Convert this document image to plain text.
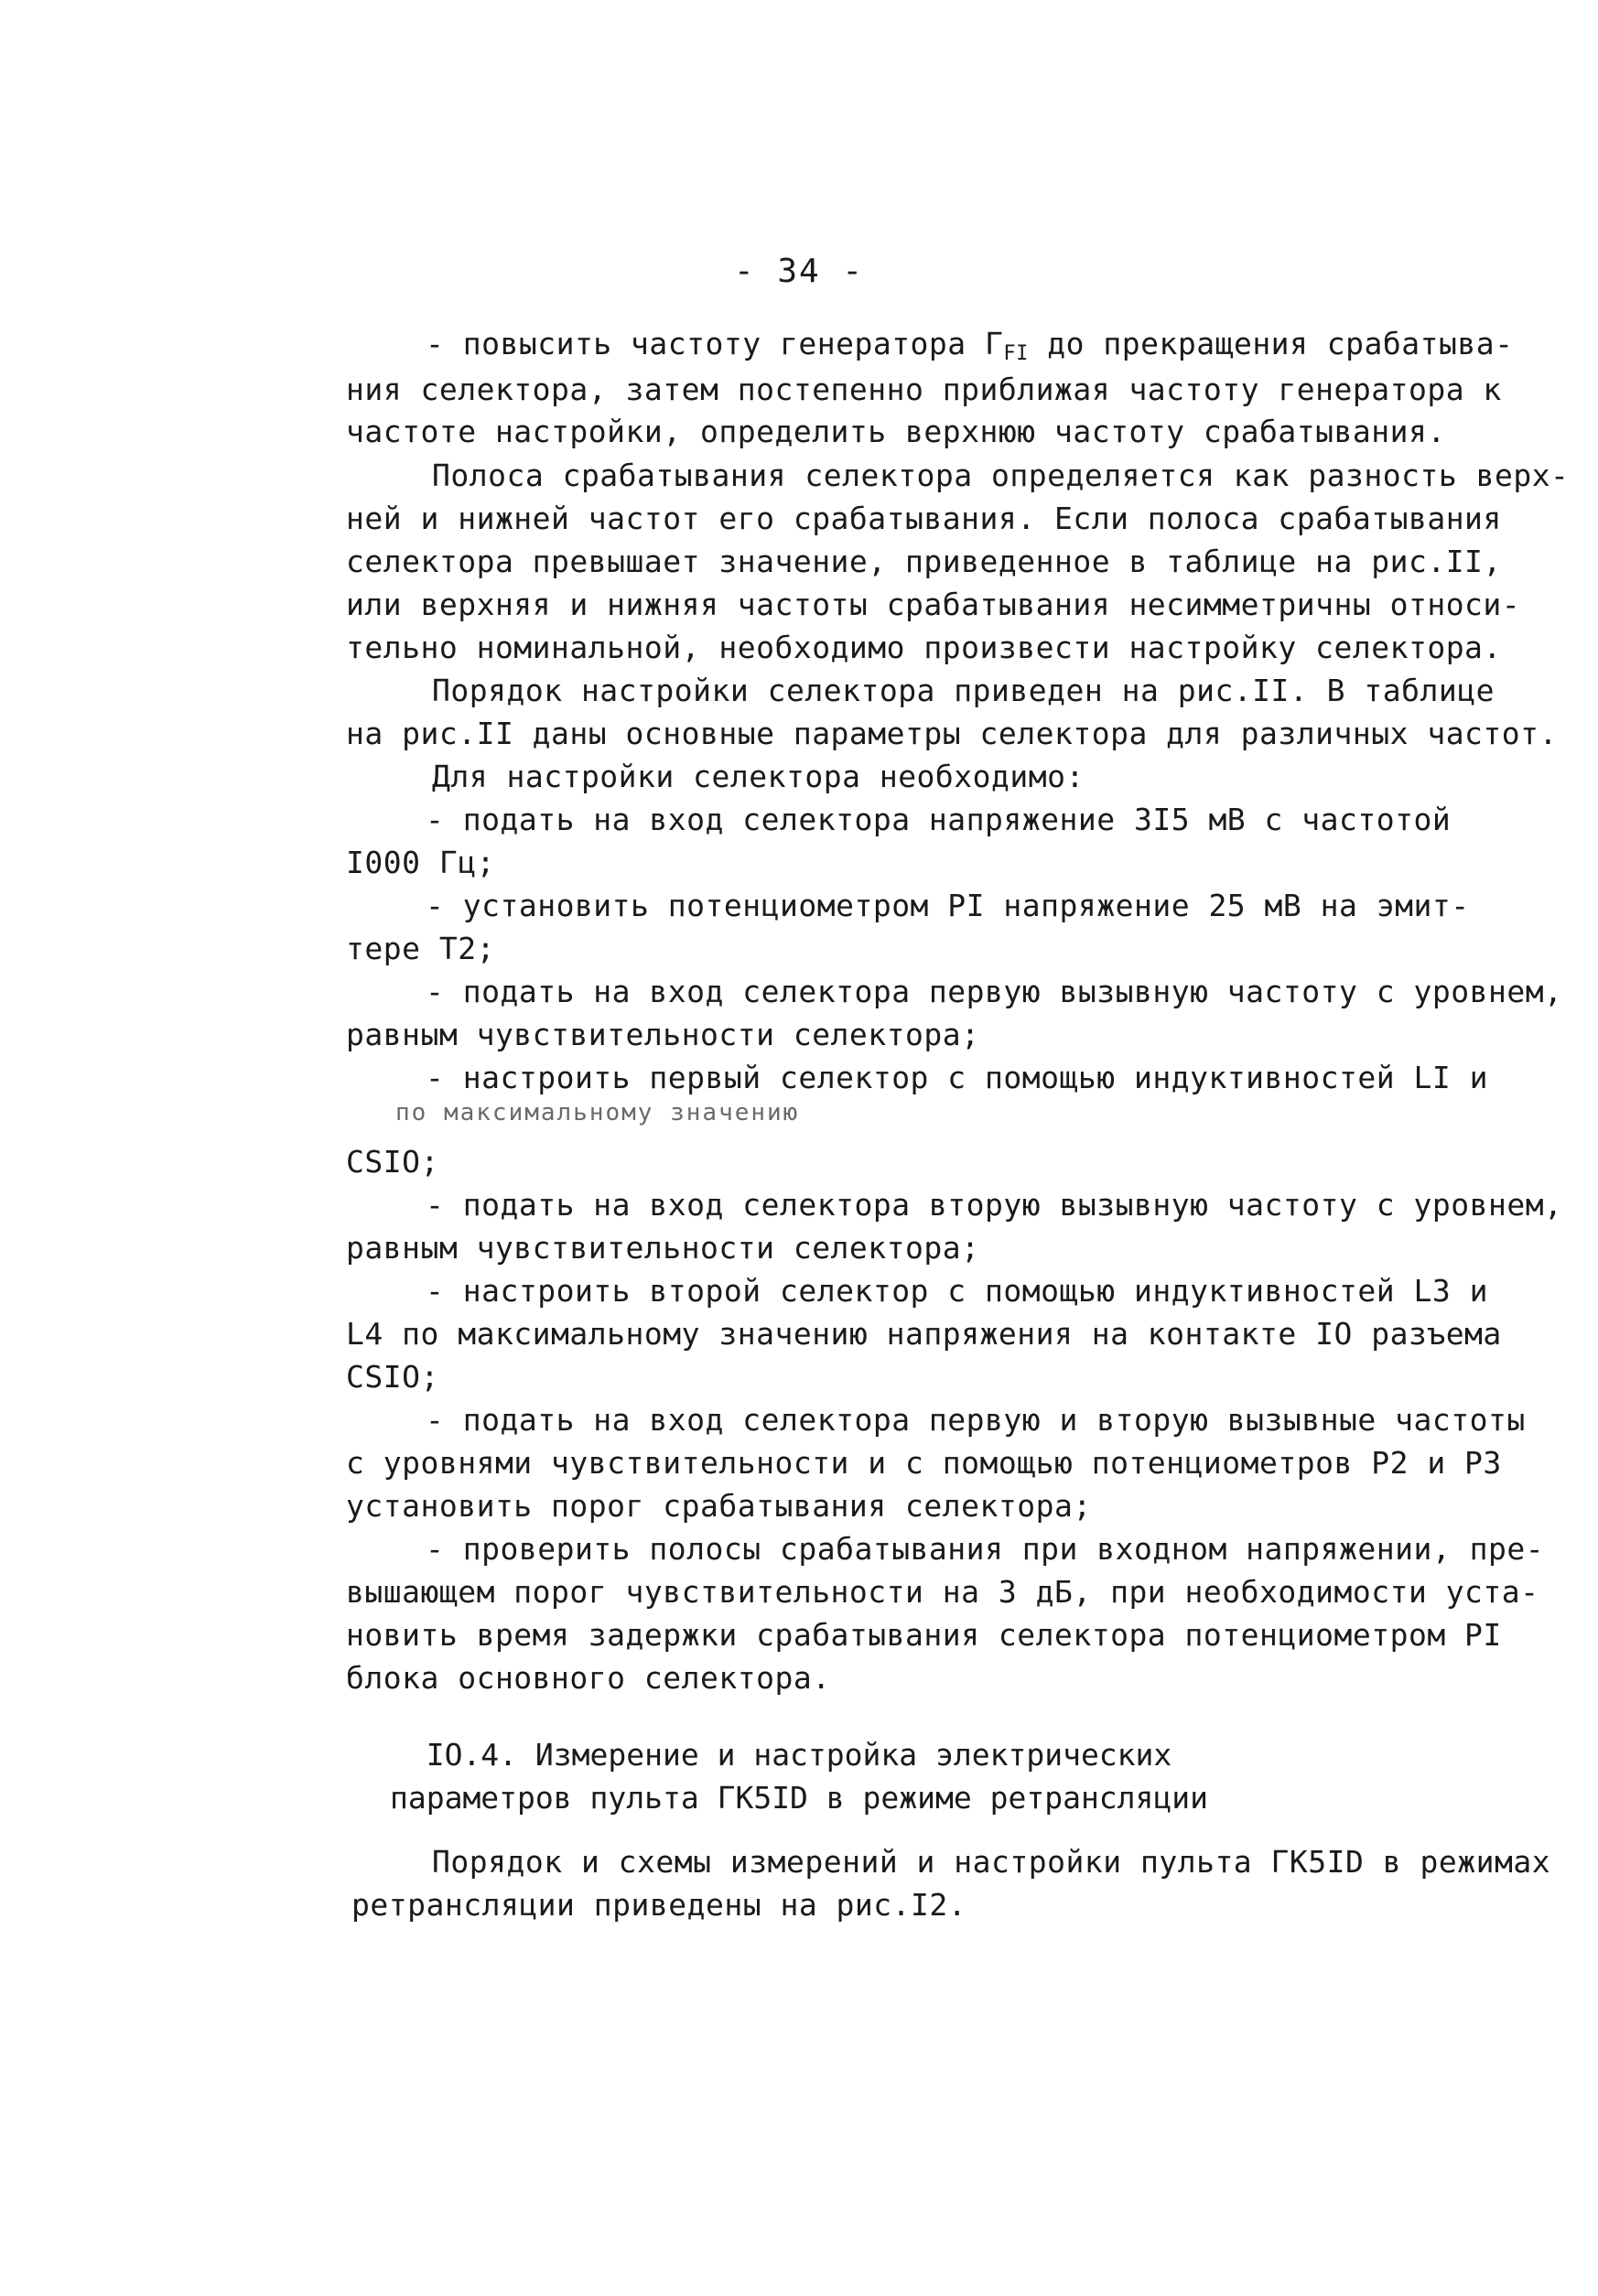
- 34 -
- повысить частоту генератора $Г_{FI}$ до прекращения срабатыва-
ния селектора, затем постепенно приближая частоту генератора к
частоте настройки, определить верхнюю частоту срабатывания.
Полоса срабатывания селектора определяется как разность верх-
ней и нижней частот его срабатывания. Если полоса срабатывания
селектора превышает значение, приведенное в таблице на рис.II,
или верхняя и нижняя частоты срабатывания несимметричны относи-
тельно номинальной, необходимо произвести настройку селектора.
Порядок настройки селектора приведен на рис.II. В таблице
на рис.II даны основные параметры селектора для различных частот.
Для настройки селектора необходимо:
- подать на вход селектора напряжение 3I5 мВ с частотой
I000 Гц;
- установить потенциометром PI напряжение 25 мВ на эмит-
тере T2;
- подать на вход селектора первую вызывную частоту с уровнем,
равным чувствительности селектора;
- настроить первый селектор с помощью индуктивностей LI и
по максимальному значению
CSIO;
- подать на вход селектора вторую вызывную частоту с уровнем,
равным чувствительности селектора;
- настроить второй селектор с помощью индуктивностей L3 и
L4 по максимальному значению напряжения на контакте IO разъема
CSIO;
- подать на вход селектора первую и вторую вызывные частоты
с уровнями чувствительности и с помощью потенциометров P2 и P3
установить порог срабатывания селектора;
- проверить полосы срабатывания при входном напряжении, пре-
вышающем порог чувствительности на 3 дБ, при необходимости уста-
новить время задержки срабатывания селектора потенциометром PI
блока основного селектора.
IO.4. Измерение и настройка электрических
параметров пульта ГК5ID в режиме ретрансляции
Порядок и схемы измерений и настройки пульта ГК5ID в режимах
ретрансляции приведены на рис.I2.
